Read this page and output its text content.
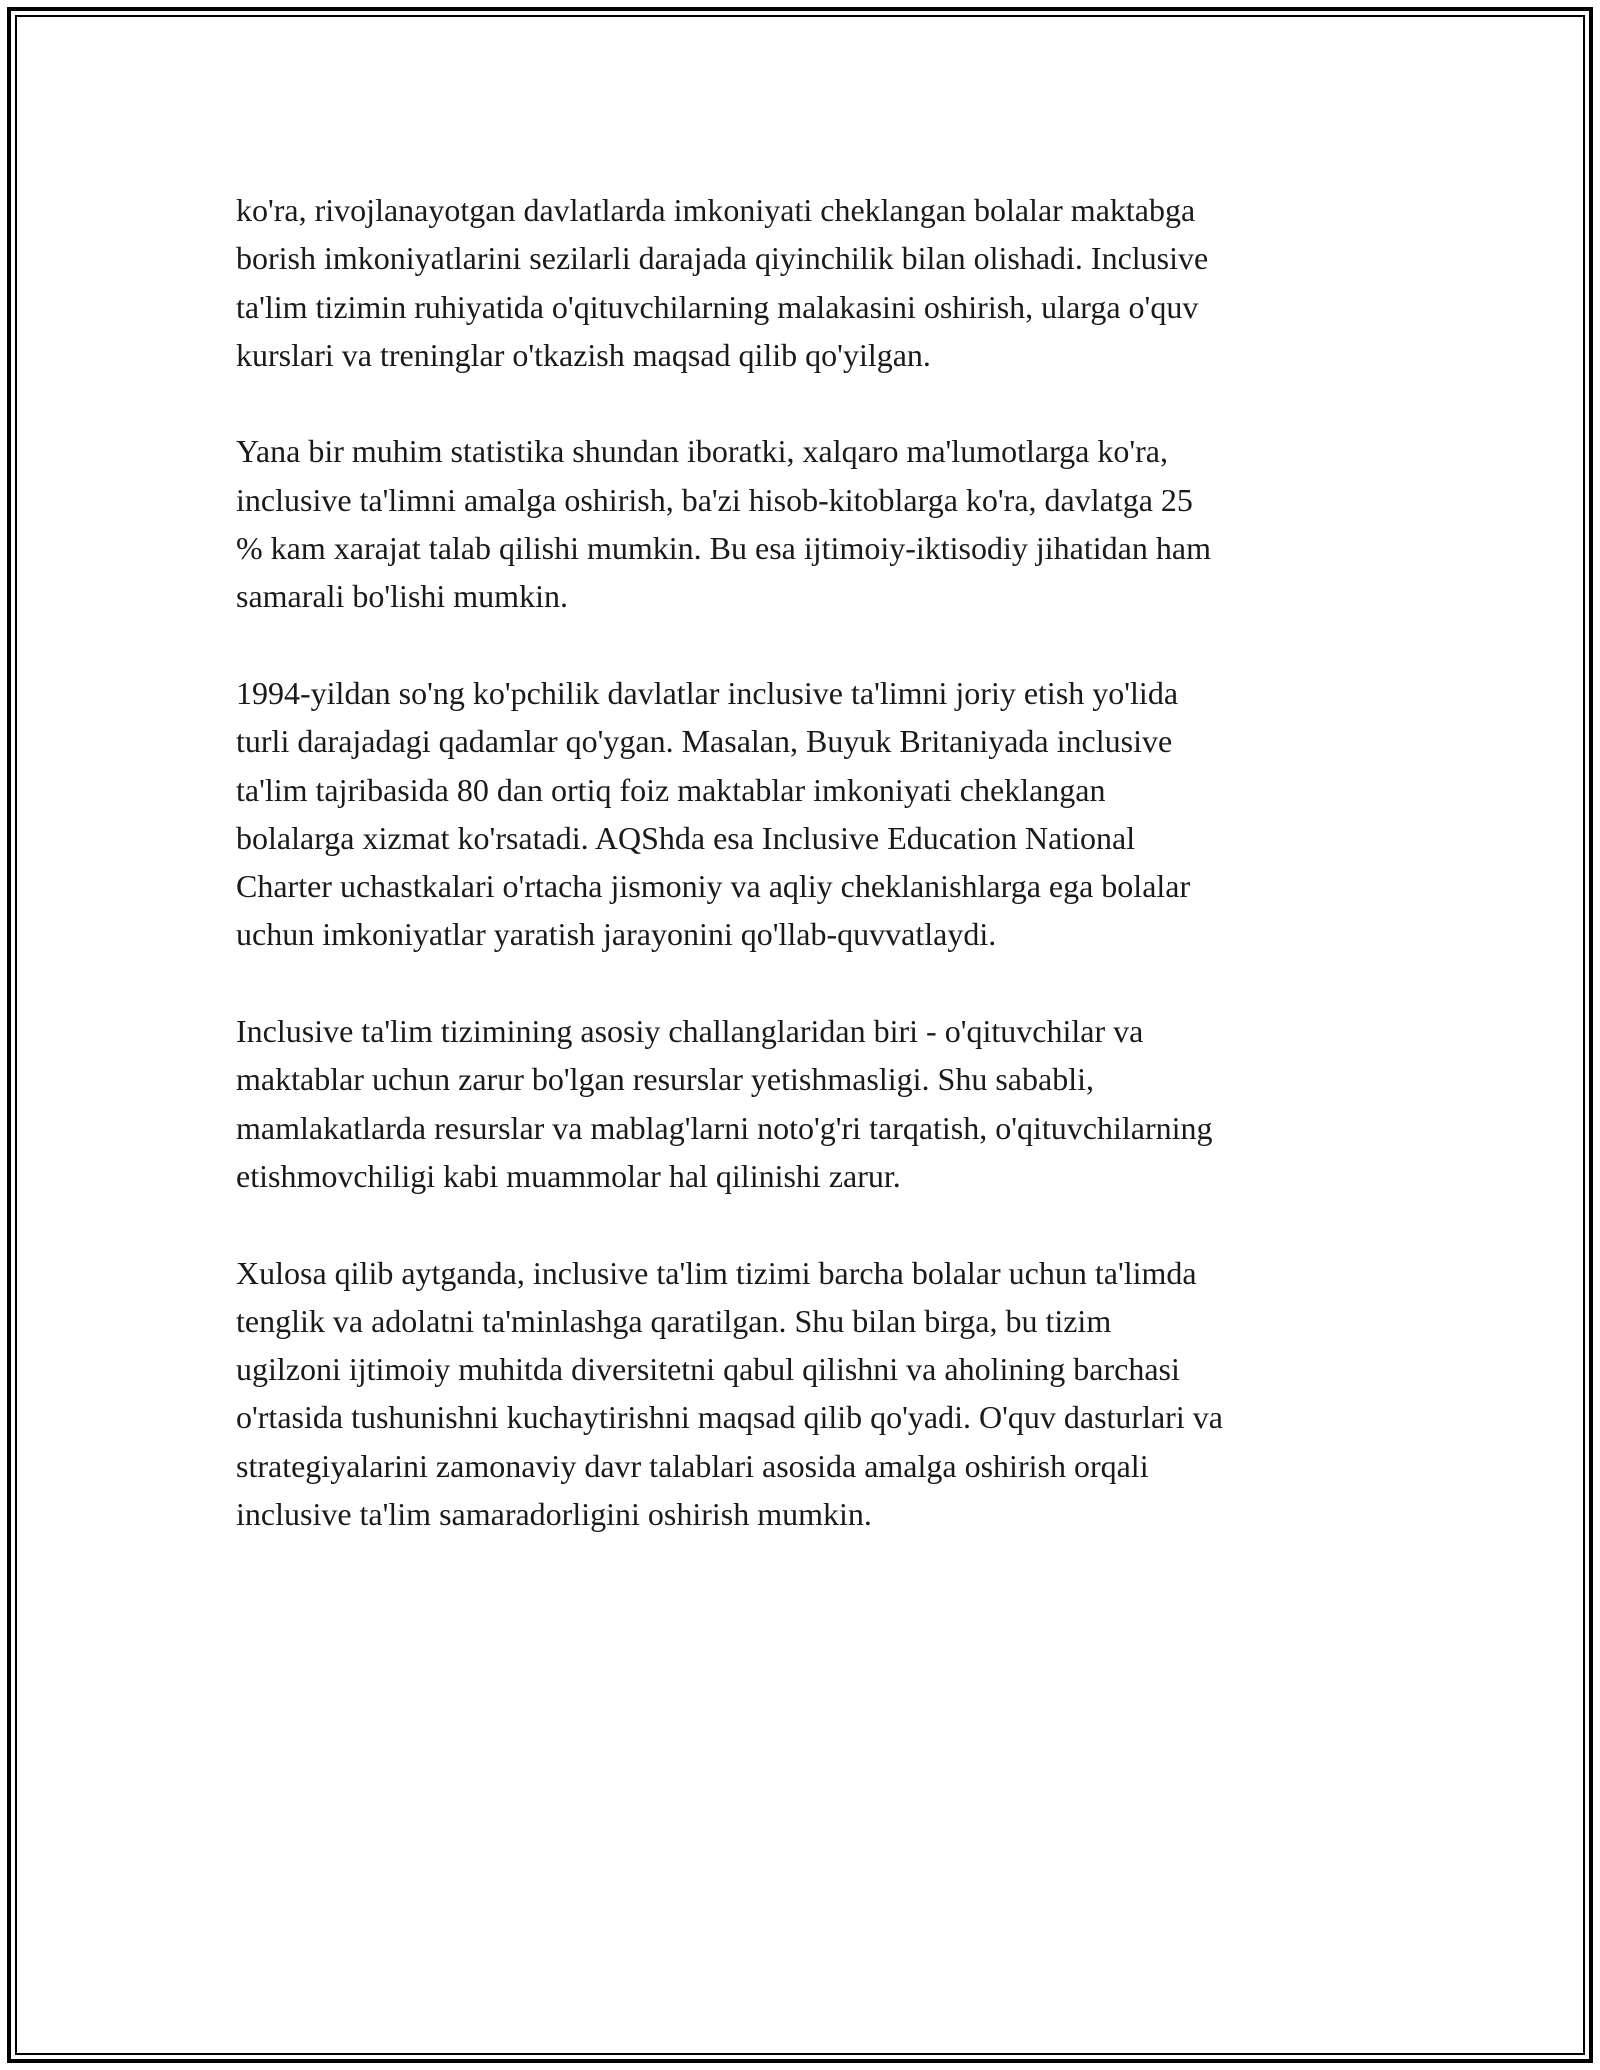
ko'ra, rivojlanayotgan davlatlarda imkoniyati cheklangan bolalar maktabga
borish imkoniyatlarini sezilarli darajada qiyinchilik bilan olishadi. Inclusive
ta'lim tizimin ruhiyatida o'qituvchilarning malakasini oshirish, ularga o'quv
kurslari va treninglar o'tkazish maqsad qilib qo'yilgan.

Yana bir muhim statistika shundan iboratki, xalqaro ma'lumotlarga ko'ra,
inclusive ta'limni amalga oshirish, ba'zi hisob-kitoblarga ko'ra, davlatga 25
% kam xarajat talab qilishi mumkin. Bu esa ijtimoiy-iktisodiy jihatidan ham
samarali bo'lishi mumkin.

1994-yildan so'ng ko'pchilik davlatlar inclusive ta'limni joriy etish yo'lida
turli darajadagi qadamlar qo'ygan. Masalan, Buyuk Britaniyada inclusive
ta'lim tajribasida 80 dan ortiq foiz maktablar imkoniyati cheklangan
bolalarga xizmat ko'rsatadi. AQShda esa Inclusive Education National
Charter uchastkalari o'rtacha jismoniy va aqliy cheklanishlarga ega bolalar
uchun imkoniyatlar yaratish jarayonini qo'llab-quvvatlaydi.

Inclusive ta'lim tizimining asosiy challanglaridan biri - o'qituvchilar va
maktablar uchun zarur bo'lgan resurslar yetishmasligi. Shu sababli,
mamlakatlarda resurslar va mablag'larni noto'g'ri tarqatish, o'qituvchilarning
etishmovchiligi kabi muammolar hal qilinishi zarur.

Xulosa qilib aytganda, inclusive ta'lim tizimi barcha bolalar uchun ta'limda
tenglik va adolatni ta'minlashga qaratilgan. Shu bilan birga, bu tizim
ugilzoni ijtimoiy muhitda diversitetni qabul qilishni va aholining barchasi
o'rtasida tushunishni kuchaytirishni maqsad qilib qo'yadi. O'quv dasturlari va
strategiyalarini zamonaviy davr talablari asosida amalga oshirish orqali
inclusive ta'lim samaradorligini oshirish mumkin.
